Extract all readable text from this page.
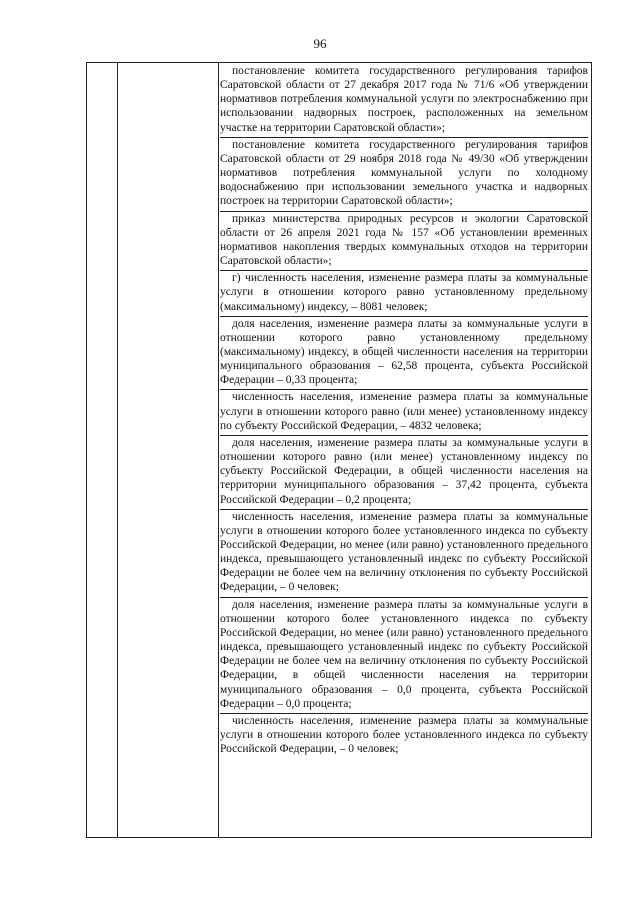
96

постановление комитета государственного регулирования тарифов Саратовской области от 27 декабря 2017 года № 71/6 «Об утверждении нормативов потребления коммунальной услуги по электроснабжению при использовании надворных построек, расположенных на земельном участке на территории Саратовской области»;

постановление комитета государственного регулирования тарифов Саратовской области от 29 ноября 2018 года № 49/30 «Об утверждении нормативов потребления коммунальной услуги по холодному водоснабжению при использовании земельного участка и надворных построек на территории Саратовской области»;

приказ министерства природных ресурсов и экологии Саратовской области от 26 апреля 2021 года № 157 «Об установлении временных нормативов накопления твердых коммунальных отходов на территории Саратовской области»;

г) численность населения, изменение размера платы за коммунальные услуги в отношении которого равно установленному предельному (максимальному) индексу, – 8081 человек;

доля населения, изменение размера платы за коммунальные услуги в отношении которого равно установленному предельному (максимальному) индексу, в общей численности населения на территории муниципального образования – 62,58 процента, субъекта Российской Федерации – 0,33 процента;

численность населения, изменение размера платы за коммунальные услуги в отношении которого равно (или менее) установленному индексу по субъекту Российской Федерации, – 4832 человека;

доля населения, изменение размера платы за коммунальные услуги в отношении которого равно (или менее) установленному индексу по субъекту Российской Федерации, в общей численности населения на территории муниципального образования – 37,42 процента, субъекта Российской Федерации – 0,2 процента;

численность населения, изменение размера платы за коммунальные услуги в отношении которого более установленного индекса по субъекту Российской Федерации, но менее (или равно) установленного предельного индекса, превышающего установленный индекс по субъекту Российской Федерации не более чем на величину отклонения по субъекту Российской Федерации, – 0 человек;

доля населения, изменение размера платы за коммунальные услуги в отношении которого более установленного индекса по субъекту Российской Федерации, но менее (или равно) установленного предельного индекса, превышающего установленный индекс по субъекту Российской Федерации не более чем на величину отклонения по субъекту Российской Федерации, в общей численности населения на территории муниципального образования – 0,0 процента, субъекта Российской Федерации – 0,0 процента;

численность населения, изменение размера платы за коммунальные услуги в отношении которого более установленного индекса по субъекту Российской Федерации, – 0 человек;
